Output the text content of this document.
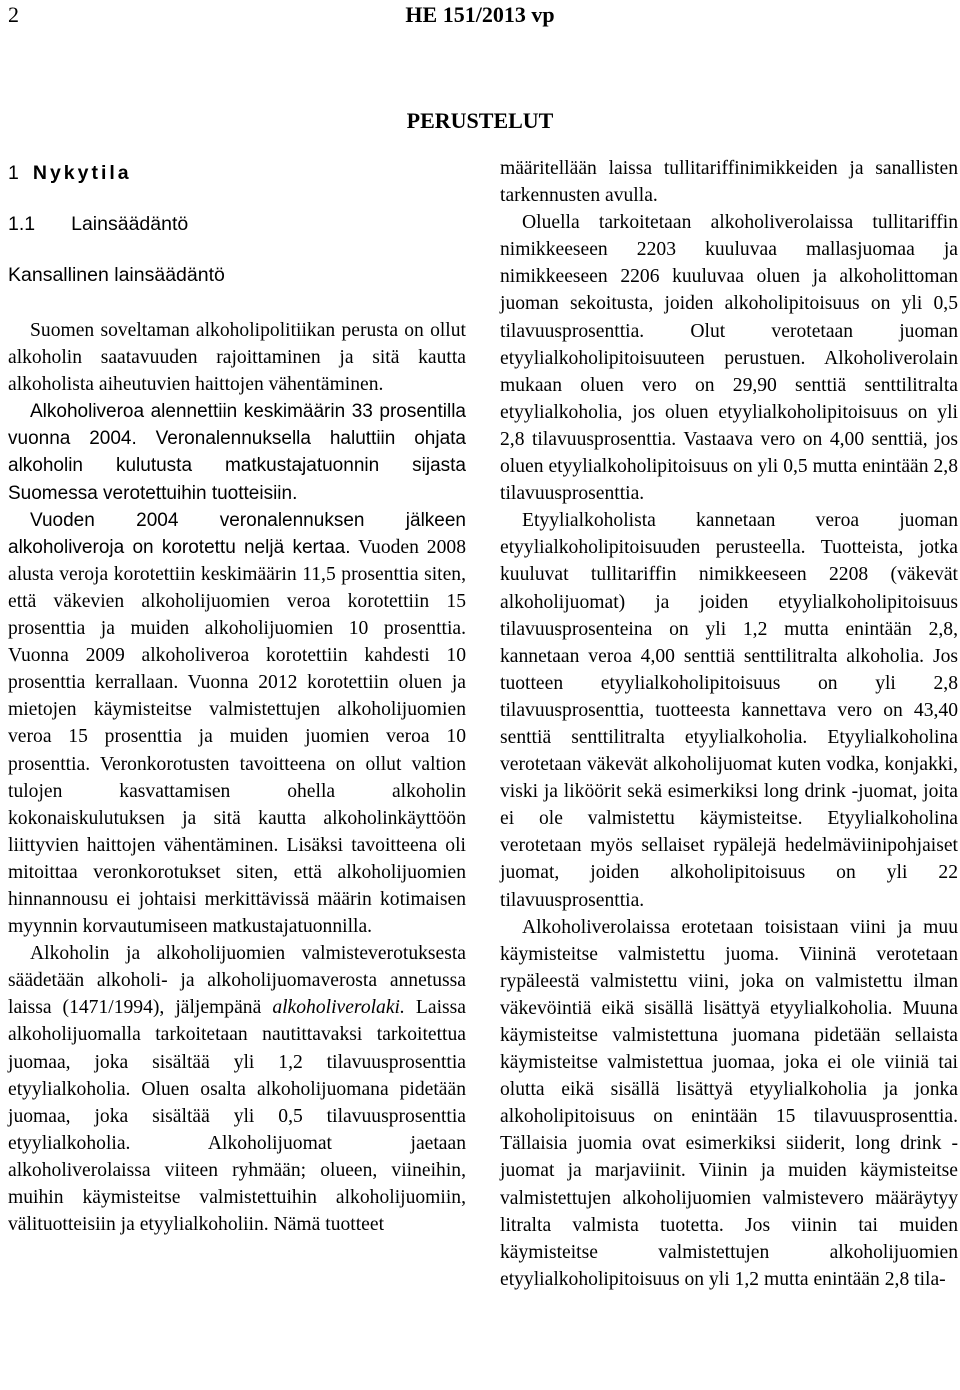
2	HE 151/2013 vp
PERUSTELUT
1 Nykytila
1.1 Lainsäädäntö
Kansallinen lainsäädäntö

Suomen soveltaman alkoholipolitiikan perusta on ollut alkoholin saatavuuden rajoittaminen ja sitä kautta alkoholista aiheutuvien haittojen vähentäminen.

Alkoholiveroa alennettiin keskimäärin 33 prosentilla vuonna 2004. Veronalennuksella haluttiin ohjata alkoholin kulutusta matkustajatuonnin sijasta Suomessa verotettuihin tuotteisiin.

Vuoden 2004 veronalennuksen jälkeen alkoholiveroja on korotettu neljä kertaa. Vuoden 2008 alusta veroja korotettiin keskimäärin 11,5 prosenttia siten, että väkevien alkoholijuomien veroa korotettiin 15 prosenttia ja muiden alkoholijuomien 10 prosenttia. Vuonna 2009 alkoholiveroa korotettiin kahdesti 10 prosenttia kerrallaan. Vuonna 2012 korotettiin oluen ja mietojen käymisteitse valmistettujen alkoholijuomien veroa 15 prosenttia ja muiden juomien veroa 10 prosenttia. Veronkorotusten tavoitteena on ollut valtion tulojen kasvattamisen ohella alkoholin kokonaiskulutuksen ja sitä kautta alkoholinkäyttöön liittyvien haittojen vähentäminen. Lisäksi tavoitteena oli mitoittaa veronkorotukset siten, että alkoholijuomien hinnannousu ei johtaisi merkittävissä määrin kotimaisen myynnin korvautumiseen matkustajatuonnilla.

Alkoholin ja alkoholijuomien valmisteverotuksesta säädetään alkoholi- ja alkoholijuomaverosta annetussa laissa (1471/1994), jäljempänä alkoholiverolaki. Laissa alkoholijuomalla tarkoitetaan nautittavaksi tarkoitettua juomaa, joka sisältää yli 1,2 tilavuusprosenttia etyylialkoholia. Oluen osalta alkoholijuomana pidetään juomaa, joka sisältää yli 0,5 tilavuusprosenttia etyylialkoholia. Alkoholijuomat jaetaan alkoholiverolaissa viiteen ryhmään; olueen, viineihin, muihin käymisteitse valmistettuihin alkoholijuomiin, välituotteisiin ja etyylialkoholiin. Nämä tuotteet

määritellään laissa tullitariffinimikkeiden ja sanallisten tarkennusten avulla.

Oluella tarkoitetaan alkoholiverolaissa tullitariffin nimikkeeseen 2203 kuuluvaa mallasjuomaa ja nimikkeeseen 2206 kuuluvaa oluen ja alkoholittoman juoman sekoitusta, joiden alkoholipitoisuus on yli 0,5 tilavuusprosenttia. Olut verotetaan juoman etyylialkoholipitoisuuteen perustuen. Alkoholiverolain mukaan oluen vero on 29,90 senttiä senttilitralta etyylialkoholia, jos oluen etyylialkoholipitoisuus on yli 2,8 tilavuusprosenttia. Vastaava vero on 4,00 senttiä, jos oluen etyylialkoholipitoisuus on yli 0,5 mutta enintään 2,8 tilavuusprosenttia.

Etyylialkoholista kannetaan veroa juoman etyylialkoholipitoisuuden perusteella. Tuotteista, jotka kuuluvat tullitariffin nimikkeeseen 2208 (väkevät alkoholijuomat) ja joiden etyylialkoholipitoisuus tilavuusprosenteina on yli 1,2 mutta enintään 2,8, kannetaan veroa 4,00 senttiä senttilitralta alkoholia. Jos tuotteen etyylialkoholipitoisuus on yli 2,8 tilavuusprosenttia, tuotteesta kannettava vero on 43,40 senttiä senttilitralta etyylialkoholia. Etyylialkoholina verotetaan väkevät alkoholijuomat kuten vodka, konjakki, viski ja liköörit sekä esimerkiksi long drink -juomat, joita ei ole valmistettu käymisteitse. Etyylialkoholina verotetaan myös sellaiset rypälejä hedelmäviinipohjaiset juomat, joiden alkoholipitoisuus on yli 22 tilavuusprosenttia.

Alkoholiverolaissa erotetaan toisistaan viini ja muu käymisteitse valmistettu juoma. Viininä verotetaan rypäleestä valmistettu viini, joka on valmistettu ilman väkevöintiä eikä sisällä lisättyä etyylialkoholia. Muuna käymisteitse valmistettuna juomana pidetään sellaista käymisteitse valmistettua juomaa, joka ei ole viiniä tai olutta eikä sisällä lisättyä etyylialkoholia ja jonka alkoholipitoisuus on enintään 15 tilavuusprosenttia. Tällaisia juomia ovat esimerkiksi siiderit, long drink -juomat ja marjaviinit. Viinin ja muiden käymisteitse valmistettujen alkoholijuomien valmistevero määräytyy litralta valmista tuotetta. Jos viinin tai muiden käymisteitse valmistettujen alkoholijuomien etyylialkoholipitoisuus on yli 1,2 mutta enintään 2,8 tila-
